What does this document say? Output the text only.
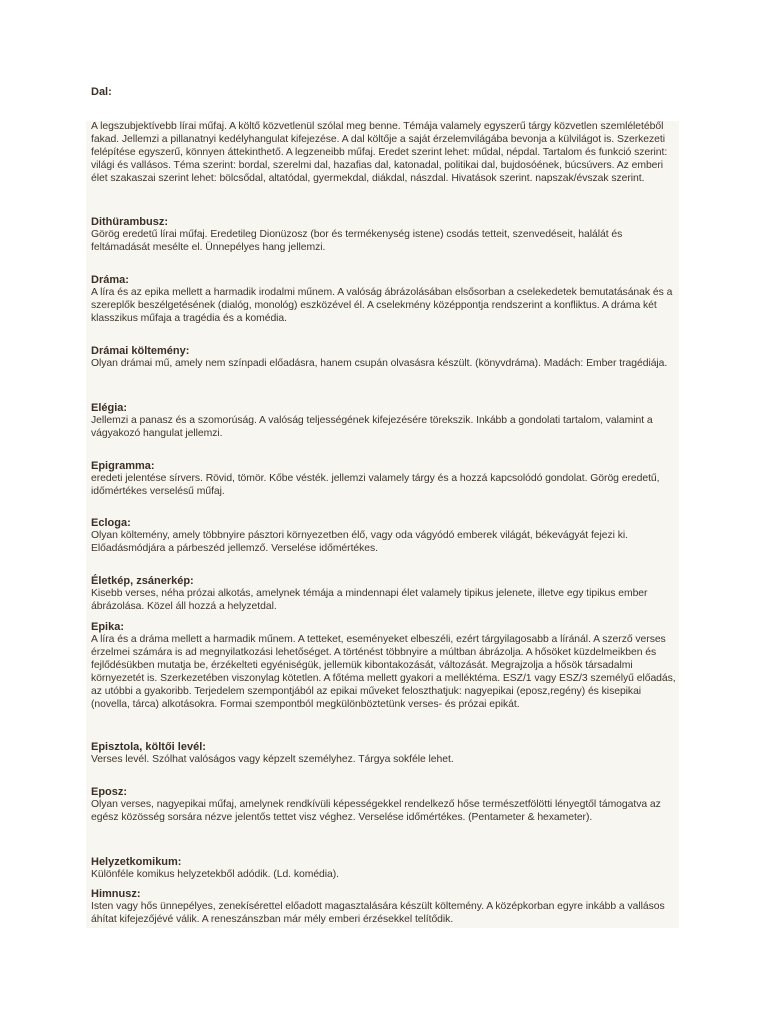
Dal:

A legszubjektívebb lírai műfaj. A költő közvetlenül szólal meg benne. Témája valamely egyszerű tárgy közvetlen szemléletéből fakad. Jellemzi a pillanatnyi kedélyhangulat kifejezése. A dal költője a saját érzelemvilágába bevonja a külvilágot is. Szerkezeti felépítése egyszerű, könnyen áttekinthető. A legzeneibb műfaj. Eredet szerint lehet: műdal, népdal. Tartalom és funkció szerint: világi és vallásos. Téma szerint: bordal, szerelmi dal, hazafias dal, katonadal, politikai dal, bujdosóének, búcsúvers. Az emberi élet szakaszai szerint lehet: bölcsődal, altatódal, gyermekdal, diákdal, nászdal. Hivatások szerint. napszak/évszak szerint.

Dithürambusz:

Görög eredetű lírai műfaj. Eredetileg Dionüzosz (bor és termékenység istene) csodás tetteit, szenvedéseit, halálát és feltámadását mesélte el. Ünnepélyes hang jellemzi.

Dráma:

A líra és az epika mellett a harmadik irodalmi műnem. A valóság ábrázolásában elsősorban a cselekedetek bemutatásának és a szereplők beszélgetésének (dialóg, monológ) eszközével él. A cselekmény középpontja rendszerint a konfliktus. A dráma két klasszikus műfaja a tragédia és a komédia.

Drámai költemény:

Olyan drámai mű, amely nem színpadi előadásra, hanem csupán olvasásra készült. (könyvdráma). Madách: Ember tragédiája.

Elégia:

Jellemzi a panasz és a szomorúság. A valóság teljességének kifejezésére törekszik. Inkább a gondolati tartalom, valamint a vágyakozó hangulat jellemzi.

Epigramma:

eredeti jelentése sírvers. Rövid, tömör. Kőbe vésték. jellemzi valamely tárgy és a hozzá kapcsolódó gondolat. Görög eredetű, időmértékes verselésű műfaj.

Ecloga:

Olyan költemény, amely többnyire pásztori környezetben élő, vagy oda vágyódó emberek világát, békevágyát fejezi ki. Előadásmódjára a párbeszéd jellemző. Verselése időmértékes.

Életkép, zsánerkép:

Kisebb verses, néha prózai alkotás, amelynek témája a mindennapi élet valamely tipikus jelenete, illetve egy tipikus ember ábrázolása. Közel áll hozzá a helyzetdal.

Epika:

A líra és a dráma mellett a harmadik műnem. A tetteket, eseményeket elbeszéli, ezért tárgyilagosabb a líránál. A szerző verses érzelmei számára is ad megnyilatkozási lehetőséget. A történést többnyire a múltban ábrázolja. A hősöket küzdelmeikben és fejlődésükben mutatja be, érzékelteti egyéniségük, jellemük kibontakozását, változását. Megrajzolja a hősök társadalmi környezetét is. Szerkezetében viszonylag kötetlen. A főtéma mellett gyakori a melléktéma. ESZ/1 vagy ESZ/3 személyű előadás, az utóbbi a gyakoribb. Terjedelem szempontjából az epikai műveket feloszthatjuk: nagyepikai (eposz,regény) és kisepikai (novella, tárca) alkotásokra. Formai szempontból megkülönböztetünk verses- és prózai epikát.

Episztola, költői levél:

Verses levél. Szólhat valóságos vagy képzelt személyhez. Tárgya sokféle lehet.

Eposz:

Olyan verses, nagyepikai műfaj, amelynek rendkívüli képességekkel rendelkező hőse természetfölötti lényegtől támogatva az egész közösség sorsára nézve jelentős tettet visz véghez. Verselése időmértékes. (Pentameter & hexameter).

Helyzetkomikum:

Különféle komikus helyzetekből adódik. (Ld. komédia).

Himnusz:

Isten vagy hős ünnepélyes, zenekísérettel előadott magasztalására készült költemény. A középkorban egyre inkább a vallásos áhítat kifejezőjévé válik. A reneszánszban már mély emberi érzésekkel telítődik.
